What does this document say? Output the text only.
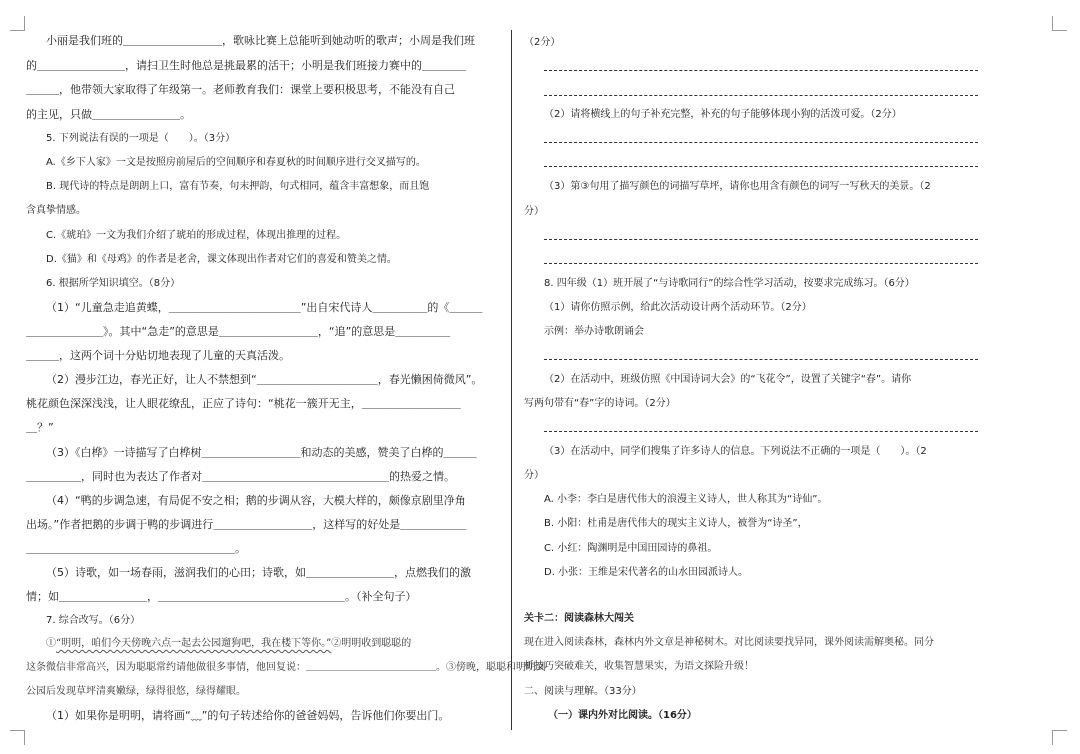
小丽是我们班的＿＿＿＿＿＿＿＿＿，歌咏比赛上总能听到她动听的歌声；小周是我们班
的＿＿＿＿＿＿＿＿，请扫卫生时他总是挑最累的活干；小明是我们班接力赛中的＿＿＿＿
＿＿＿，他带领大家取得了年级第一。老师教育我们：课堂上要积极思考，不能没有自己
的主见，只做＿＿＿＿＿＿＿＿。
5. 下列说法有误的一项是（　　）。（3分）
A.《乡下人家》一文是按照房前屋后的空间顺序和春夏秋的时间顺序进行交叉描写的。
B. 现代诗的特点是朗朗上口，富有节奏，句末押韵，句式相同，蕴含丰富想象，而且饱
含真挚情感。
C.《琥珀》一文为我们介绍了琥珀的形成过程，体现出推理的过程。
D.《猫》和《母鸡》的作者是老舍，课文体现出作者对它们的喜爱和赞美之情。
6. 根据所学知识填空。（8分）
（1）“儿童急走追黄蝶，＿＿＿＿＿＿＿＿＿＿＿＿”出自宋代诗人＿＿＿＿＿的《＿＿＿
＿＿＿＿＿＿＿》。其中“急走”的意思是＿＿＿＿＿＿＿＿＿，“追”的意思是＿＿＿＿＿
＿＿＿，这两个词十分贴切地表现了儿童的天真活泼。
（2）漫步江边，春光正好，让人不禁想到“＿＿＿＿＿＿＿＿＿＿＿，春光懒困倚微风”。
桃花颜色深深浅浅，让人眼花缭乱，正应了诗句：“桃花一簇开无主，＿＿＿＿＿＿＿＿＿
＿？”
（3）《白桦》一诗描写了白桦树＿＿＿＿＿＿＿＿＿和动态的美感，赞美了白桦的＿＿＿
＿＿＿＿＿，同时也为表达了作者对＿＿＿＿＿＿＿＿＿＿＿＿＿＿＿＿＿的热爱之情。
（4）“鸭的步调急速，有局促不安之相；鹅的步调从容，大模大样的，颇像京剧里净角
出场。”作者把鹅的步调于鸭的步调进行＿＿＿＿＿＿＿＿＿，这样写的好处是＿＿＿＿＿＿
＿＿＿＿＿＿＿＿＿＿＿＿＿＿＿＿＿＿＿。
（5）诗歌，如一场春雨，滋润我们的心田；诗歌，如＿＿＿＿＿＿＿＿，点燃我们的激
情；如＿＿＿＿＿＿＿＿，＿＿＿＿＿＿＿＿＿＿＿＿＿＿＿＿＿。（补全句子）
7. 综合改写。（6分）
①“明明，咱们今天傍晚六点一起去公园遛狗吧，我在楼下等你。”②明明收到聪聪的
这条微信非常高兴，因为聪聪常约请他做很多事情，他回复说：＿＿＿＿＿＿＿＿＿＿＿＿＿。③傍晚，聪聪和明明到
公园后发现草坪清爽嫩绿，绿得很悠，绿得耀眼。
（1）如果你是明明，请将画“﹏”的句子转述给你的爸爸妈妈，告诉他们你要出门。
（2分）
（2）请将横线上的句子补充完整，补充的句子能够体现小狗的活泼可爱。（2分）
（3）第③句用了描写颜色的词描写草坪，请你也用含有颜色的词写一写秋天的美景。（2
分）
8. 四年级（1）班开展了“与诗歌同行”的综合性学习活动，按要求完成练习。（6分）
（1）请你仿照示例，给此次活动设计两个活动环节。（2分）
示例：举办诗歌朗诵会
（2）在活动中，班级仿照《中国诗词大会》的“飞花令”，设置了关键字“春”。请你
写两句带有“春”字的诗词。（2分）
（3）在活动中，同学们搜集了许多诗人的信息。下列说法不正确的一项是（　　）。（2
分）
A. 小李：李白是唐代伟大的浪漫主义诗人，世人称其为“诗仙”。
B. 小阳：杜甫是唐代伟大的现实主义诗人，被誉为“诗圣”，
C. 小红：陶渊明是中国田园诗的鼻祖。
D. 小张：王维是宋代著名的山水田园派诗人。
关卡二：阅读森林大闯关
现在进入阅读森林，森林内外文章是神秘树木。对比阅读要找异同，课外阅读需解奥秘。同分
析技巧突破难关，收集智慧果实，为语文探险升级！
二、阅读与理解。（33分）
（一）课内外对比阅读。（16分）
